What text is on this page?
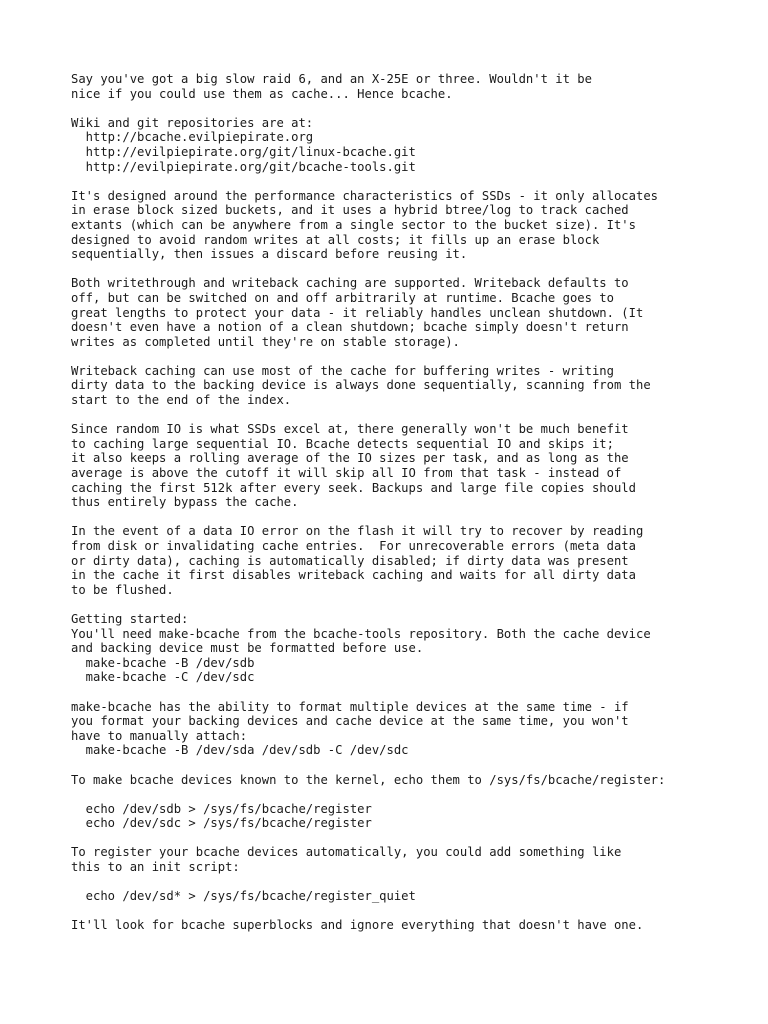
Say you've got a big slow raid 6, and an X-25E or three. Wouldn't it be
nice if you could use them as cache... Hence bcache.
Wiki and git repositories are at:
http://bcache.evilpiepirate.org
http://evilpiepirate.org/git/linux-bcache.git
http://evilpiepirate.org/git/bcache-tools.git
It's designed around the performance characteristics of SSDs - it only allocates
in erase block sized buckets, and it uses a hybrid btree/log to track cached
extants (which can be anywhere from a single sector to the bucket size). It's
designed to avoid random writes at all costs; it fills up an erase block
sequentially, then issues a discard before reusing it.
Both writethrough and writeback caching are supported. Writeback defaults to
off, but can be switched on and off arbitrarily at runtime. Bcache goes to
great lengths to protect your data - it reliably handles unclean shutdown. (It
doesn't even have a notion of a clean shutdown; bcache simply doesn't return
writes as completed until they're on stable storage).
Writeback caching can use most of the cache for buffering writes - writing
dirty data to the backing device is always done sequentially, scanning from the
start to the end of the index.
Since random IO is what SSDs excel at, there generally won't be much benefit
to caching large sequential IO. Bcache detects sequential IO and skips it;
it also keeps a rolling average of the IO sizes per task, and as long as the
average is above the cutoff it will skip all IO from that task - instead of
caching the first 512k after every seek. Backups and large file copies should
thus entirely bypass the cache.
In the event of a data IO error on the flash it will try to recover by reading
from disk or invalidating cache entries.  For unrecoverable errors (meta data
or dirty data), caching is automatically disabled; if dirty data was present
in the cache it first disables writeback caching and waits for all dirty data
to be flushed.
Getting started:
You'll need make-bcache from the bcache-tools repository. Both the cache device
and backing device must be formatted before use.
make-bcache -B /dev/sdb
make-bcache -C /dev/sdc
make-bcache has the ability to format multiple devices at the same time - if
you format your backing devices and cache device at the same time, you won't
have to manually attach:
make-bcache -B /dev/sda /dev/sdb -C /dev/sdc
To make bcache devices known to the kernel, echo them to /sys/fs/bcache/register:
echo /dev/sdb > /sys/fs/bcache/register
echo /dev/sdc > /sys/fs/bcache/register
To register your bcache devices automatically, you could add something like
this to an init script:
echo /dev/sd* > /sys/fs/bcache/register_quiet
It'll look for bcache superblocks and ignore everything that doesn't have one.
